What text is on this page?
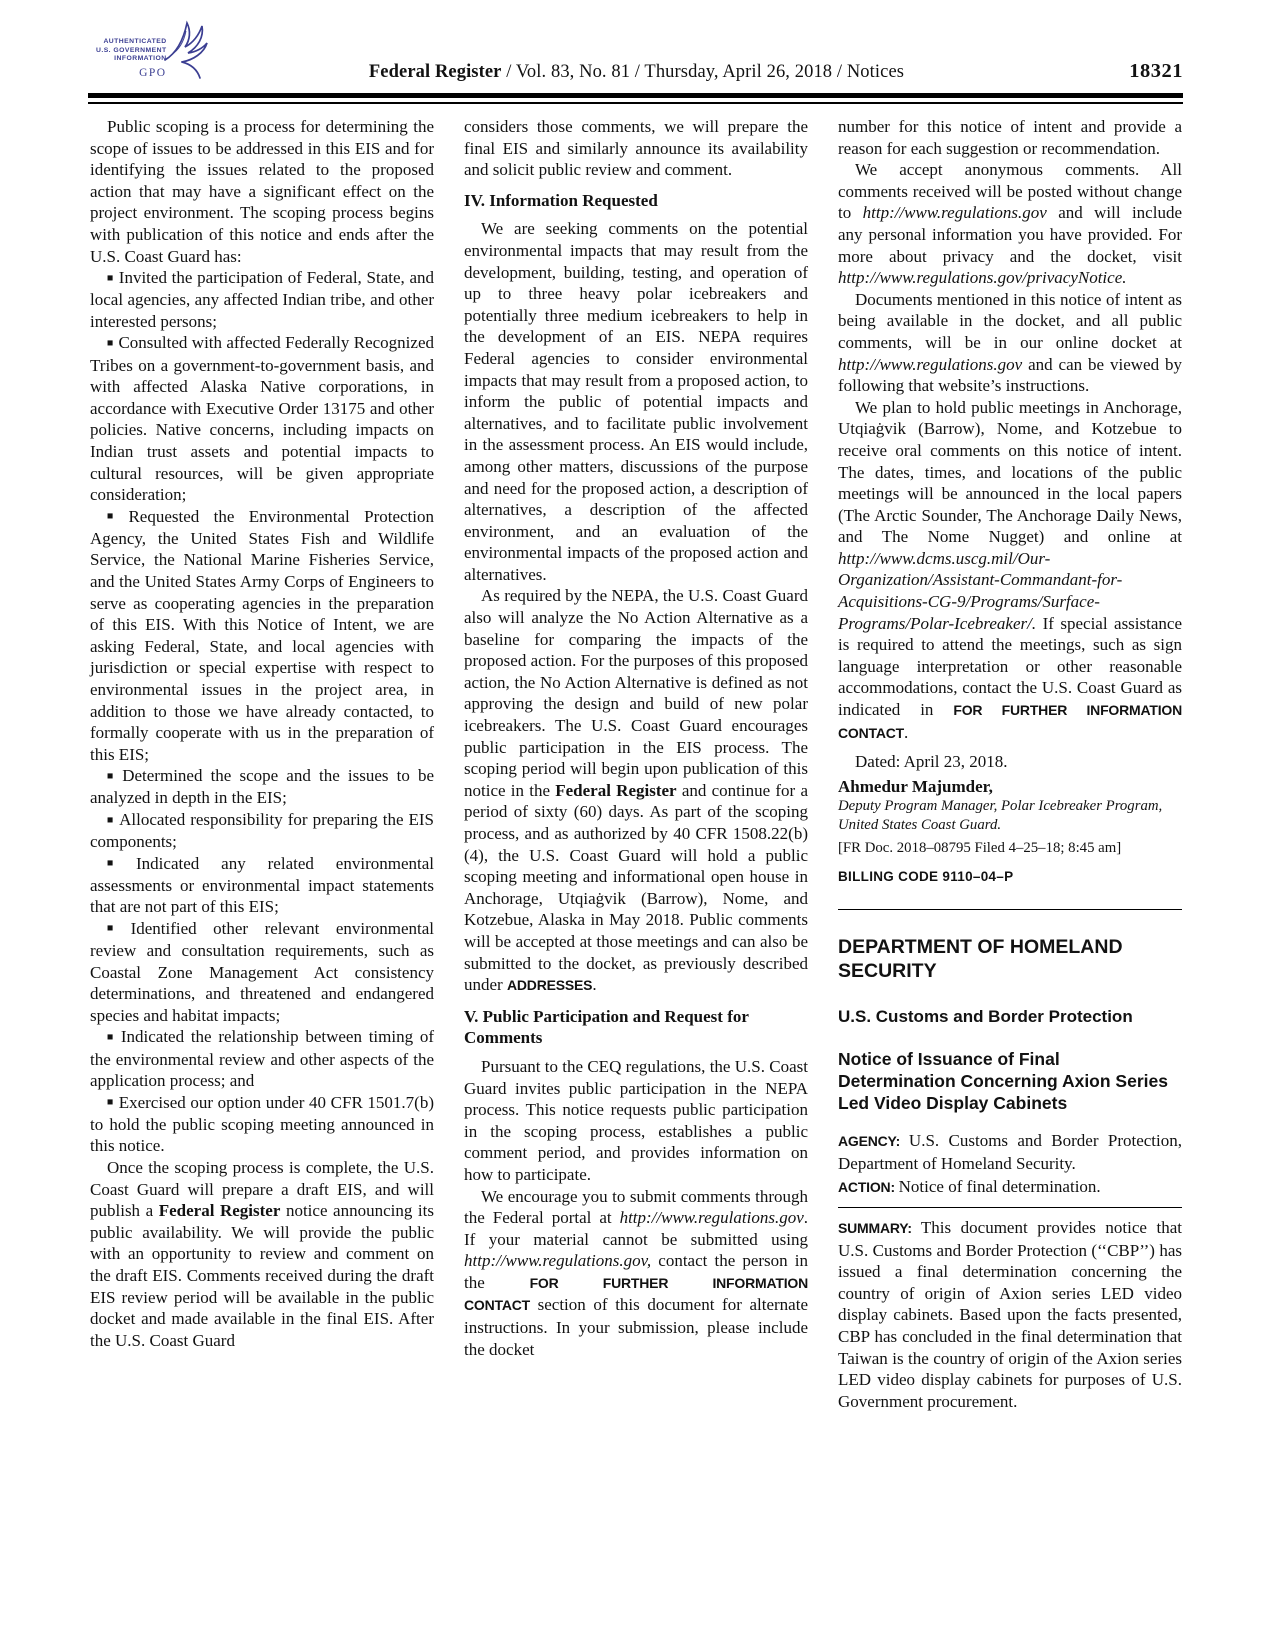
AUTHENTICATED
U.S. GOVERNMENT
INFORMATION
GPO	Federal Register / Vol. 83, No. 81 / Thursday, April 26, 2018 / Notices	18321
Public scoping is a process for determining the scope of issues to be addressed in this EIS and for identifying the issues related to the proposed action that may have a significant effect on the project environment. The scoping process begins with publication of this notice and ends after the U.S. Coast Guard has:
■ Invited the participation of Federal, State, and local agencies, any affected Indian tribe, and other interested persons;
■ Consulted with affected Federally Recognized Tribes on a government-to-government basis, and with affected Alaska Native corporations, in accordance with Executive Order 13175 and other policies. Native concerns, including impacts on Indian trust assets and potential impacts to cultural resources, will be given appropriate consideration;
■ Requested the Environmental Protection Agency, the United States Fish and Wildlife Service, the National Marine Fisheries Service, and the United States Army Corps of Engineers to serve as cooperating agencies in the preparation of this EIS. With this Notice of Intent, we are asking Federal, State, and local agencies with jurisdiction or special expertise with respect to environmental issues in the project area, in addition to those we have already contacted, to formally cooperate with us in the preparation of this EIS;
■ Determined the scope and the issues to be analyzed in depth in the EIS;
■ Allocated responsibility for preparing the EIS components;
■ Indicated any related environmental assessments or environmental impact statements that are not part of this EIS;
■ Identified other relevant environmental review and consultation requirements, such as Coastal Zone Management Act consistency determinations, and threatened and endangered species and habitat impacts;
■ Indicated the relationship between timing of the environmental review and other aspects of the application process; and
■ Exercised our option under 40 CFR 1501.7(b) to hold the public scoping meeting announced in this notice.
Once the scoping process is complete, the U.S. Coast Guard will prepare a draft EIS, and will publish a Federal Register notice announcing its public availability. We will provide the public with an opportunity to review and comment on the draft EIS. Comments received during the draft EIS review period will be available in the public docket and made available in the final EIS. After the U.S. Coast Guard
considers those comments, we will prepare the final EIS and similarly announce its availability and solicit public review and comment.
IV. Information Requested
We are seeking comments on the potential environmental impacts that may result from the development, building, testing, and operation of up to three heavy polar icebreakers and potentially three medium icebreakers to help in the development of an EIS. NEPA requires Federal agencies to consider environmental impacts that may result from a proposed action, to inform the public of potential impacts and alternatives, and to facilitate public involvement in the assessment process. An EIS would include, among other matters, discussions of the purpose and need for the proposed action, a description of alternatives, a description of the affected environment, and an evaluation of the environmental impacts of the proposed action and alternatives.
As required by the NEPA, the U.S. Coast Guard also will analyze the No Action Alternative as a baseline for comparing the impacts of the proposed action. For the purposes of this proposed action, the No Action Alternative is defined as not approving the design and build of new polar icebreakers. The U.S. Coast Guard encourages public participation in the EIS process. The scoping period will begin upon publication of this notice in the Federal Register and continue for a period of sixty (60) days. As part of the scoping process, and as authorized by 40 CFR 1508.22(b)(4), the U.S. Coast Guard will hold a public scoping meeting and informational open house in Anchorage, Utqiaġvik (Barrow), Nome, and Kotzebue, Alaska in May 2018. Public comments will be accepted at those meetings and can also be submitted to the docket, as previously described under ADDRESSES.
V. Public Participation and Request for Comments
Pursuant to the CEQ regulations, the U.S. Coast Guard invites public participation in the NEPA process. This notice requests public participation in the scoping process, establishes a public comment period, and provides information on how to participate.
We encourage you to submit comments through the Federal portal at http://www.regulations.gov. If your material cannot be submitted using http://www.regulations.gov, contact the person in the FOR FURTHER INFORMATION CONTACT section of this document for alternate instructions. In your submission, please include the docket
number for this notice of intent and provide a reason for each suggestion or recommendation.
We accept anonymous comments. All comments received will be posted without change to http://www.regulations.gov and will include any personal information you have provided. For more about privacy and the docket, visit http://www.regulations.gov/privacyNotice.
Documents mentioned in this notice of intent as being available in the docket, and all public comments, will be in our online docket at http://www.regulations.gov and can be viewed by following that website’s instructions.
We plan to hold public meetings in Anchorage, Utqiaġvik (Barrow), Nome, and Kotzebue to receive oral comments on this notice of intent. The dates, times, and locations of the public meetings will be announced in the local papers (The Arctic Sounder, The Anchorage Daily News, and The Nome Nugget) and online at http://www.dcms.uscg.mil/Our-Organization/Assistant-Commandant-for-Acquisitions-CG-9/Programs/Surface-Programs/Polar-Icebreaker/. If special assistance is required to attend the meetings, such as sign language interpretation or other reasonable accommodations, contact the U.S. Coast Guard as indicated in FOR FURTHER INFORMATION CONTACT.
Dated: April 23, 2018.
Ahmedur Majumder,
Deputy Program Manager, Polar Icebreaker Program, United States Coast Guard.
[FR Doc. 2018–08795 Filed 4–25–18; 8:45 am]
BILLING CODE 9110–04–P
DEPARTMENT OF HOMELAND SECURITY
U.S. Customs and Border Protection
Notice of Issuance of Final Determination Concerning Axion Series Led Video Display Cabinets
AGENCY: U.S. Customs and Border Protection, Department of Homeland Security.
ACTION: Notice of final determination.
SUMMARY: This document provides notice that U.S. Customs and Border Protection (‘‘CBP’’) has issued a final determination concerning the country of origin of Axion series LED video display cabinets. Based upon the facts presented, CBP has concluded in the final determination that Taiwan is the country of origin of the Axion series LED video display cabinets for purposes of U.S. Government procurement.
